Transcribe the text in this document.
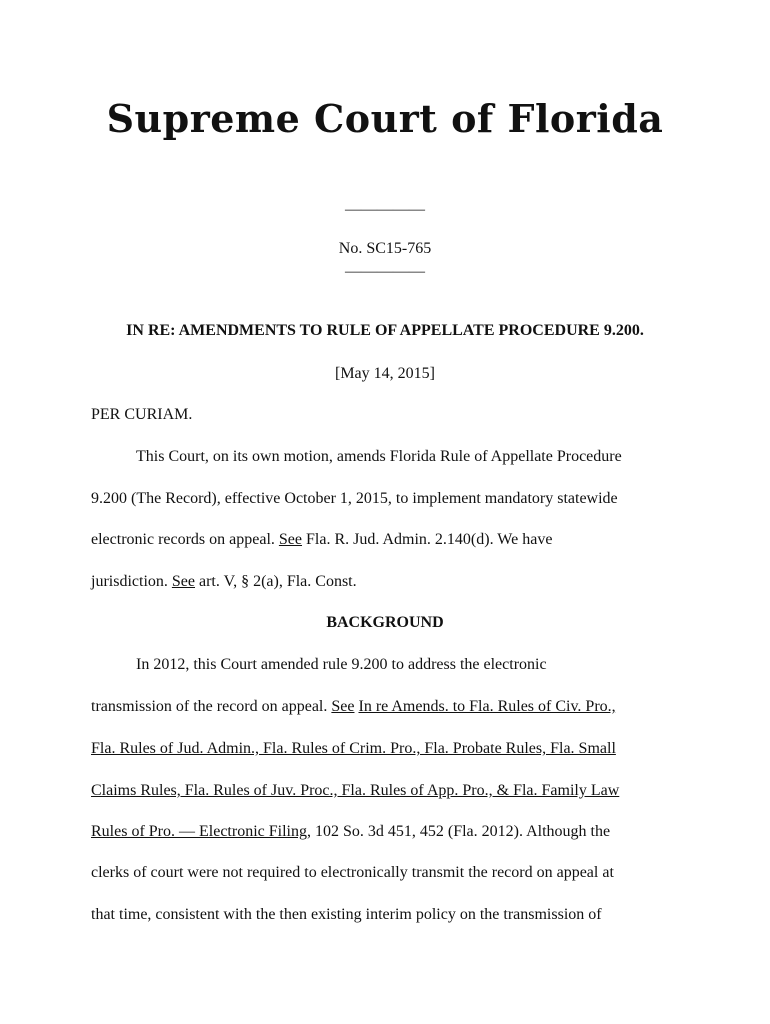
Supreme Court of Florida
—————
No. SC15-765
—————
IN RE: AMENDMENTS TO RULE OF APPELLATE PROCEDURE 9.200.
[May 14, 2015]
PER CURIAM.
This Court, on its own motion, amends Florida Rule of Appellate Procedure
9.200 (The Record), effective October 1, 2015, to implement mandatory statewide
electronic records on appeal. See Fla. R. Jud. Admin. 2.140(d). We have
jurisdiction. See art. V, § 2(a), Fla. Const.
BACKGROUND
In 2012, this Court amended rule 9.200 to address the electronic
transmission of the record on appeal. See In re Amends. to Fla. Rules of Civ. Pro.,
Fla. Rules of Jud. Admin., Fla. Rules of Crim. Pro., Fla. Probate Rules, Fla. Small
Claims Rules, Fla. Rules of Juv. Proc., Fla. Rules of App. Pro., & Fla. Family Law
Rules of Pro. — Electronic Filing, 102 So. 3d 451, 452 (Fla. 2012). Although the
clerks of court were not required to electronically transmit the record on appeal at
that time, consistent with the then existing interim policy on the transmission of
